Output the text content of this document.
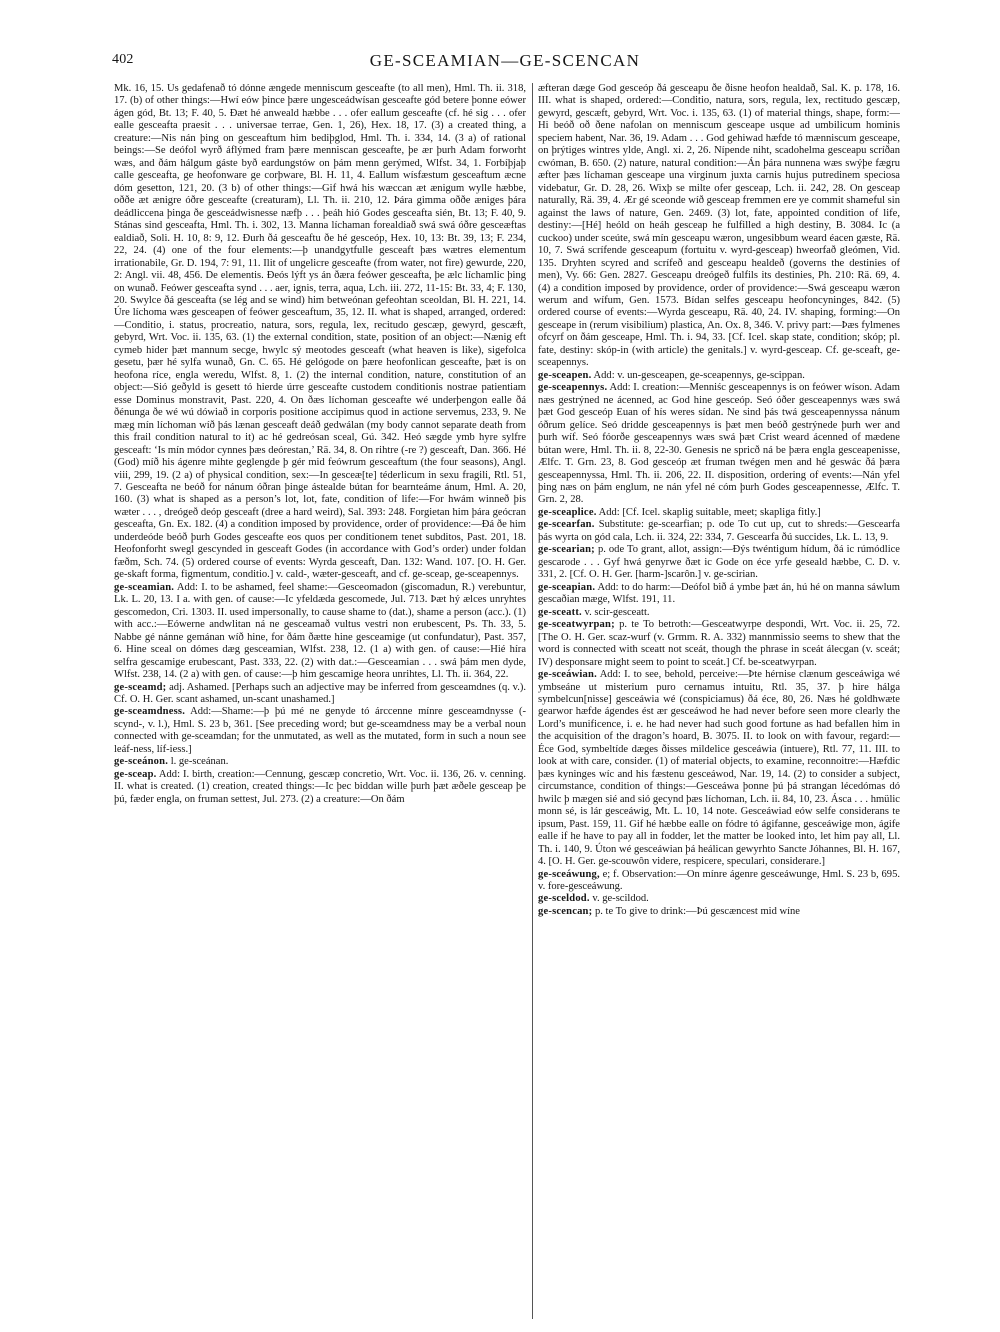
402	GE-SCEAMIAN—GE-SCENCAN

Mk. 16, 15. Ús gedafenað tó dónne ængede menniscum gesceafte (to all men), Hml. Th. ii. 318, 17. (b) of other things:—Hwí eów þince þære ungesceádwísan gesceafte gód betere þonne eówer ágen gód, Bt. 13; F. 40, 5. Ðæt hé anweald hæbbe . . . ofer eallum gesceafte (cf. hé sig . . . ofer ealle gesceafta praesit . . . universae terrae, Gen. 1, 26), Hex. 18, 17. (3) a created thing, a creature:—Nis nán þing on gesceaftum him bediþglod, Hml. Th. i. 334, 14. (3 a) of rational beings:—Se deófol wyrð áflýmed fram þære menniscan gesceafte, þe ær þurh Adam forworht wæs, and ðám hálgum gáste byð eardungstów on þám menn gerýmed, Wlfst. 34, 1. Forbíþjaþ calle gesceafta, ge heofonware ge corþware, Bl. H. 11, 4. Eallum wísfæstum gesceaftum æcne dóm gesetton, 121, 20. (3 b) of other things:—Gif hwá his wæccan æt ænigum wylle hæbbe, oððe æt ænigre óðre gesceafte (creaturam), Ll. Th. ii. 210, 12. Þára gimma oððe æniges þára deádliccena þinga ðe gesceádwisnesse næfþ . . . þeáh hió Godes gesceafta sién, Bt. 13; F. 40, 9. Stánas sind gesceafta, Hml. Th. i. 302, 13. Manna líchaman forealdiað swá swá óðre gesceæftas ealdiað, Soli. H. 10, 8: 9, 12. Ðurh ðá gesceaftu ðe hé gesceóp, Hex. 10, 13: Bt. 39, 13; F. 234, 22, 24. (4) one of the four elements:—þ unandgytfulle gesceaft þæs wætres elementum irrationabile, Gr. D. 194, 7: 91, 11. Ilit of ungelicre gesceafte (from water, not fire) gewurde, 220, 2: Angl. vii. 48, 456. De elementis. Ðeós lýft ys án ðæra feówer gesceafta, þe ælc líchamlic þing on wunað. Feówer gesceafta synd . . . aer, ignis, terra, aqua, Lch. iii. 272, 11-15: Bt. 33, 4; F. 130, 20. Swylce ðá gesceafta (se lég and se wind) him betweónan gefeohtan sceoldan, Bl. H. 221, 14. Úre líchoma wæs gesceapen of feówer gesceaftum, 35, 12. II. what is shaped, arranged, ordered:—Conditio, i. status, procreatio, natura, sors, regula, lex, recitudo gescæp, gewyrd, gescæft, gebyrd, Wrt. Voc. ii. 135, 63. (1) the external condition, state, position of an object:—Nænig eft cymeb hider þæt mannum secge, hwylc sý meotodes gesceaft (what heaven is like), sigefolca gesetu, þær hé sylfa wunað, Gn. C. 65. Hé gelógode on þære heofonlican gesceafte, þæt is on heofona ríce, engla weredu, Wlfst. 8, 1. (2) the internal condition, nature, constitution of an object:—Sió geðyld is gesett tó hierde úrre gesceafte custodem conditionis nostrae patientiam esse Dominus monstravit, Past. 220, 4. On ðæs líchoman gesceafte wé underþengon ealle ðá ðénunga ðe wé wú dówiað in corporis positione accipimus quod in actione servemus, 233, 9. Ne mæg mín líchoman wíð þás lænan gesceaft deáð gedwálan (my body cannot separate death from this frail condition natural to it) ac hé gedreósan sceal, Gú. 342. Heó sægde ymb hyre sylfre gesceaft: ‘Is mín módor cynnes þæs deórestan,’ Rä. 34, 8. On rihtre (-re ?) gesceaft, Dan. 366. Hé (God) míð his ágenre mihte geglengde þ gér mid feówrum gesceaftum (the four seasons), Angl. viii, 299, 19. (2 a) of physical condition, sex:—In gesceæ[te] téderlicum in sexu fragili, Rtl. 51, 7. Gesceafta ne beóð for nánum óðran þinge ástealde bútan for bearnteáme ánum, Hml. A. 20, 160. (3) what is shaped as a person’s lot, lot, fate, condition of life:—For hwám winneð þis wæter . . . , dreógeð deóp gesceaft (dree a hard weird), Sal. 393: 248. Forgietan him þára geócran gesceafta, Gn. Ex. 182. (4) a condition imposed by providence, order of providence:—Ðá ðe him underdeóde beóð þurh Godes gesceafte eos quos per conditionem tenet subditos, Past. 201, 18. Heofonforht swegl gescynded in gesceaft Godes (in accordance with God’s order) under foldan fæðm, Sch. 74. (5) ordered course of events: Wyrda gesceaft, Dan. 132: Wand. 107. [O. H. Ger. ge-skaft forma, figmentum, conditio.] v. cald-, wæter-gesceaft, and cf. ge-sceap, ge-sceapennys.

ge-sceamian. Add: I. to be ashamed, feel shame:—Gesceomadon (giscomadun, R.) verebuntur, Lk. L. 20, 13. I a. with gen. of cause:—Ic yfeldæda gescomede, Jul. 713. Þæt hý ælces unryhtes gescomedon, Cri. 1303. II. used impersonally, to cause shame to (dat.), shame a person (acc.). (1) with acc.:—Eówerne andwlitan ná ne gesceamað vultus vestri non erubescent, Ps. Th. 33, 5. Nabbe gé nánne gemánan wíð hine, for ðám ðætte hine gesceamige (ut confundatur), Past. 357, 6. Hine sceal on dómes dæg gesceamian, Wlfst. 238, 12. (1 a) with gen. of cause:—Hié híra selfra gescamige erubescant, Past. 333, 22. (2) with dat.:—Gesceamian . . . swá þám men dyde, Wlfst. 238, 14. (2 a) with gen. of cause:—þ him gescamige heora unrihtes, Ll. Th. ii. 364, 22.

ge-sceamd; adj. Ashamed. [Perhaps such an adjective may be inferred from gesceamdnes (q. v.). Cf. O. H. Ger. scant ashamed, un-scant unashamed.]

ge-sceamdness. Add:—Shame:—þ þú mé ne genyde tó árccenne mínre gesceamdnysse (-scynd-, v. l.), Hml. S. 23 b, 361. [See preceding word; but ge-sceamdness may be a verbal noun connected with ge-sceamdan; for the unmutated, as well as the mutated, form in such a noun see leáf-ness, líf-iess.]

ge-sceánon. l. ge-sceánan.

ge-sceap. Add: I. birth, creation:—Cennung, gescæp concretio, Wrt. Voc. ii. 136, 26. v. cenning. II. what is created. (1) creation, created things:—Ic þec biddan wille þurh þæt æðele gesceap þe þú, fæder engla, on fruman settest, Jul. 273. (2) a creature:—On ðám

æfteran dæge God gesceóp ðá gesceapu ðe ðisne heofon healdað, Sal. K. p. 178, 16. III. what is shaped, ordered:—Conditio, natura, sors, regula, lex, rectitudo gescæp, gewyrd, gescæft, gebyrd, Wrt. Voc. i. 135, 63. (1) of material things, shape, form:—Hi beóð oð ðene nafolan on menniscum gesceape usque ad umbilicum hominis speciem habent, Nar. 36, 19. Adam . . . God gehiwad hæfde tó mænniscum gesceape, on þrýtiges wintres ylde, Angl. xi. 2, 26. Nípende niht, scadohelma gesceapu scríðan cwóman, B. 650. (2) nature, natural condition:—Án þára nunnena wæs swýþe fægru æfter þæs líchaman gesceape una virginum juxta carnis hujus putredinem speciosa videbatur, Gr. D. 28, 26. Wixþ se milte ofer gesceap, Lch. ii. 242, 28. On gesceap naturally, Rä. 39, 4. Ær gé sceonde wíð gesceap fremmen ere ye commit shameful sin against the laws of nature, Gen. 2469. (3) lot, fate, appointed condition of life, destiny:—[Hé] heóld on heáh gesceap he fulfilled a high destiny, B. 3084. Ic (a cuckoo) under sceúte, swá mín gesceapu wæron, ungesibbum weard éacen gæste, Rä. 10, 7. Swá scrífende gesceapum (fortuitu v. wyrd-gesceap) hweorfað gleómen, Vid. 135. Dryhten scyred and scrífeð and gesceapu healdeð (governs the destinies of men), Vy. 66: Gen. 2827. Gesceapu dreógeð fulfils its destinies, Ph. 210: Rä. 69, 4. (4) a condition imposed by providence, order of providence:—Swá gesceapu wæron werum and wífum, Gen. 1573. Bídan selfes gesceapu heofoncyninges, 842. (5) ordered course of events:—Wyrda gesceapu, Rä. 40, 24. IV. shaping, forming:—On gesceape in (rerum visibilium) plastica, An. Ox. 8, 346. V. privy part:—Þæs fylmenes ofcyrf on ðám gesceape, Hml. Th. i. 94, 33. [Cf. Icel. skap state, condition; skóp; pl. fate, destiny: skóp-in (with article) the genitals.] v. wyrd-gesceap. Cf. ge-sceaft, ge-sceapennys.

ge-sceapen. Add: v. un-gesceapen, ge-sceapennys, ge-scippan.

ge-sceapennys. Add: I. creation:—Menniśc gesceapennys is on feówer wíson. Adam næs gestrýned ne ácenned, ac God hine gesceóp. Seó óðer gesceapennys wæs swá þæt God gesceóp Euan of hís weres sídan. Ne sind þás twá gesceapennyssa nánum óðrum gelíce. Seó dridde gesceapennys is þæt men beóð gestrýnede þurh wer and þurh wíf. Seó fóorðe gesceapennys wæs swá þæt Crist weard ácenned of mædene bútan were, Hml. Th. ii. 8, 22-30. Genesis ne spricð ná be þæra engla gesceapenisse, Ælfc. T. Grn. 23, 8. God gesceóp æt fruman twégen men and hé geswác ðá þæra gesceapennyssa, Hml. Th. ii. 206, 22. II. disposition, ordering of events:—Nán yfel þing næs on þám englum, ne nán yfel né cóm þurh Godes gesceapennesse, Ælfc. T. Grn. 2, 28.

ge-sceaplice. Add: [Cf. Icel. skaplig suitable, meet; skapliga fitly.]

ge-scearfan. Substitute: ge-scearfian; p. ode To cut up, cut to shreds:—Gescearfa þás wyrta on gód cala, Lch. ii. 324, 22: 334, 7. Gescearfa ðú succides, Lk. L. 13, 9.

ge-scearian; p. ode To grant, allot, assign:—Ðýs twéntigum hídum, ðá ic rúmódlice gescarode . . . Gyf hwá genyrwe ðæt ic Gode on éce yrfe geseald hæbbe, C. D. v. 331, 2. [Cf. O. H. Ger. [harm-]scarôn.] v. ge-scirian.

ge-sceapian. Add: to do harm:—Deófol bið á ymbe þæt án, hú hé on manna sáwlum gescaðian mæge, Wlfst. 191, 11.

ge-sceatt. v. scir-gesceatt.

ge-sceatwyrpan; p. te To betroth:—Gesceatwyrpe despondi, Wrt. Voc. ii. 25, 72. [The O. H. Ger. scaz-wurf (v. Grmm. R. A. 332) mannmissio seems to shew that the word is connected with sceatt not sceát, though the phrase in sceát álecgan (v. sceát; IV) desponsare might seem to point to sceát.] Cf. be-sceatwyrpan.

ge-sceáwian. Add: I. to see, behold, perceive:—Þte hérnise clænum gesceáwiga wé ymbseáne ut misterium puro cernamus intuitu, Rtl. 35, 37. þ hire hálga symbelcun[nisse] gesceáwia wé (conspiciamus) ðá éce, 80, 26. Næs hé goldhwæte gearwor hæfde ágendes ést ær gesceáwod he had never before seen more clearly the Lord’s munificence, i. e. he had never had such good fortune as had befallen him in the acquisition of the dragon’s hoard, B. 3075. II. to look on with favour, regard:—Éce God, symbeltíde dæges ðisses mildelice gesceáwia (intuere), Rtl. 77, 11. III. to look at with care, consider. (1) of material objects, to examine, reconnoitre:—Hæfdic þæs kyninges wíc and his fæstenu gesceáwod, Nar. 19, 14. (2) to consider a subject, circumstance, condition of things:—Gesceáwa þonne þú þá strangan lécedómas dó hwilc þ mægen sié and sió gecynd þæs líchoman, Lch. ii. 84, 10, 23. Ásca . . . hmülic monn sé, is lár gesceáwig, Mt. L. 10, 14 note. Gesceáwiad eów selfe considerans te ipsum, Past. 159, 11. Gif hé hæbbe ealle on fódre tó ágifanne, gesceáwige mon, ágife ealle if he have to pay all in fodder, let the matter be looked into, let him pay all, Ll. Th. i. 140, 9. Úton wé gesceáwian þá heálican gewyrhto Sancte Jóhannes, Bl. H. 167, 4. [O. H. Ger. ge-scouwôn videre, respicere, speculari, considerare.]

ge-sceáwung, e; f. Observation:—On mínre ágenre gesceáwunge, Hml. S. 23 b, 695. v. fore-gesceáwung.

ge-sceldod. v. ge-scildod.

ge-scencan; p. te To give to drink:—Þú gescæncest mid wíne
